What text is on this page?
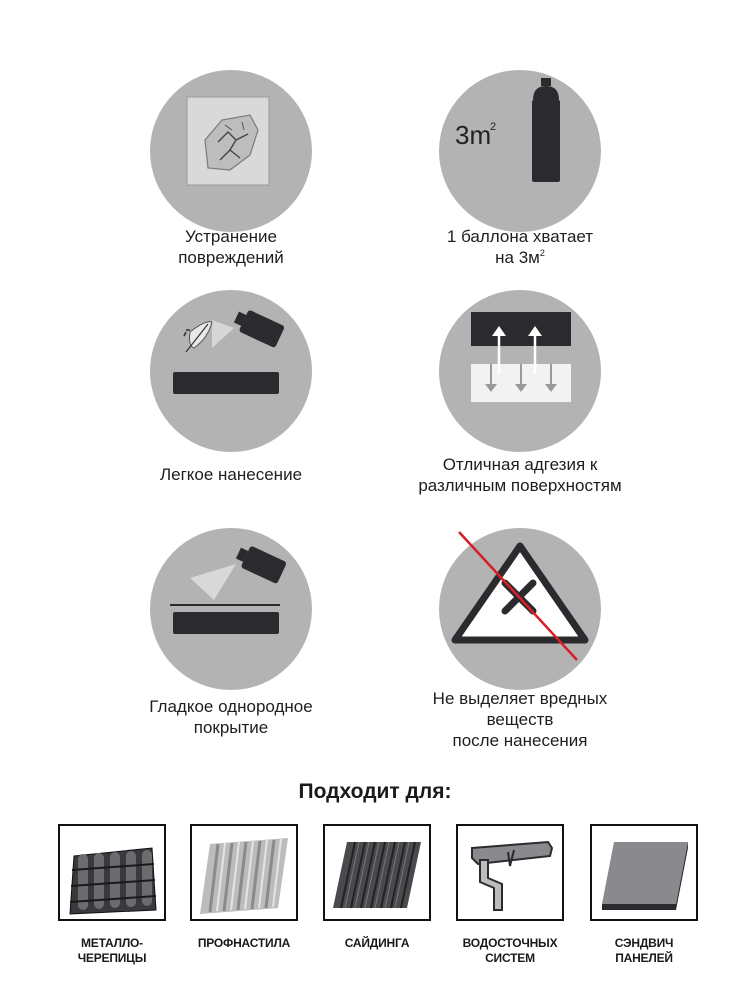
Устранение
повреждений
3m
2
1 баллона хватает
на $3м^2$
Легкое нанесение
Отличная адгезия к
различным поверхностям
Гладкое однородное
покрытие
Не выделяет вредных
веществ
после нанесения
Подходит для:
МЕТАЛЛО-
ЧЕРЕПИЦЫ
ПРОФНАСТИЛА	САЙДИНГА	ВОДОСТОЧНЫХ
СИСТЕМ
СЭНДВИЧ
ПАНЕЛЕЙ
